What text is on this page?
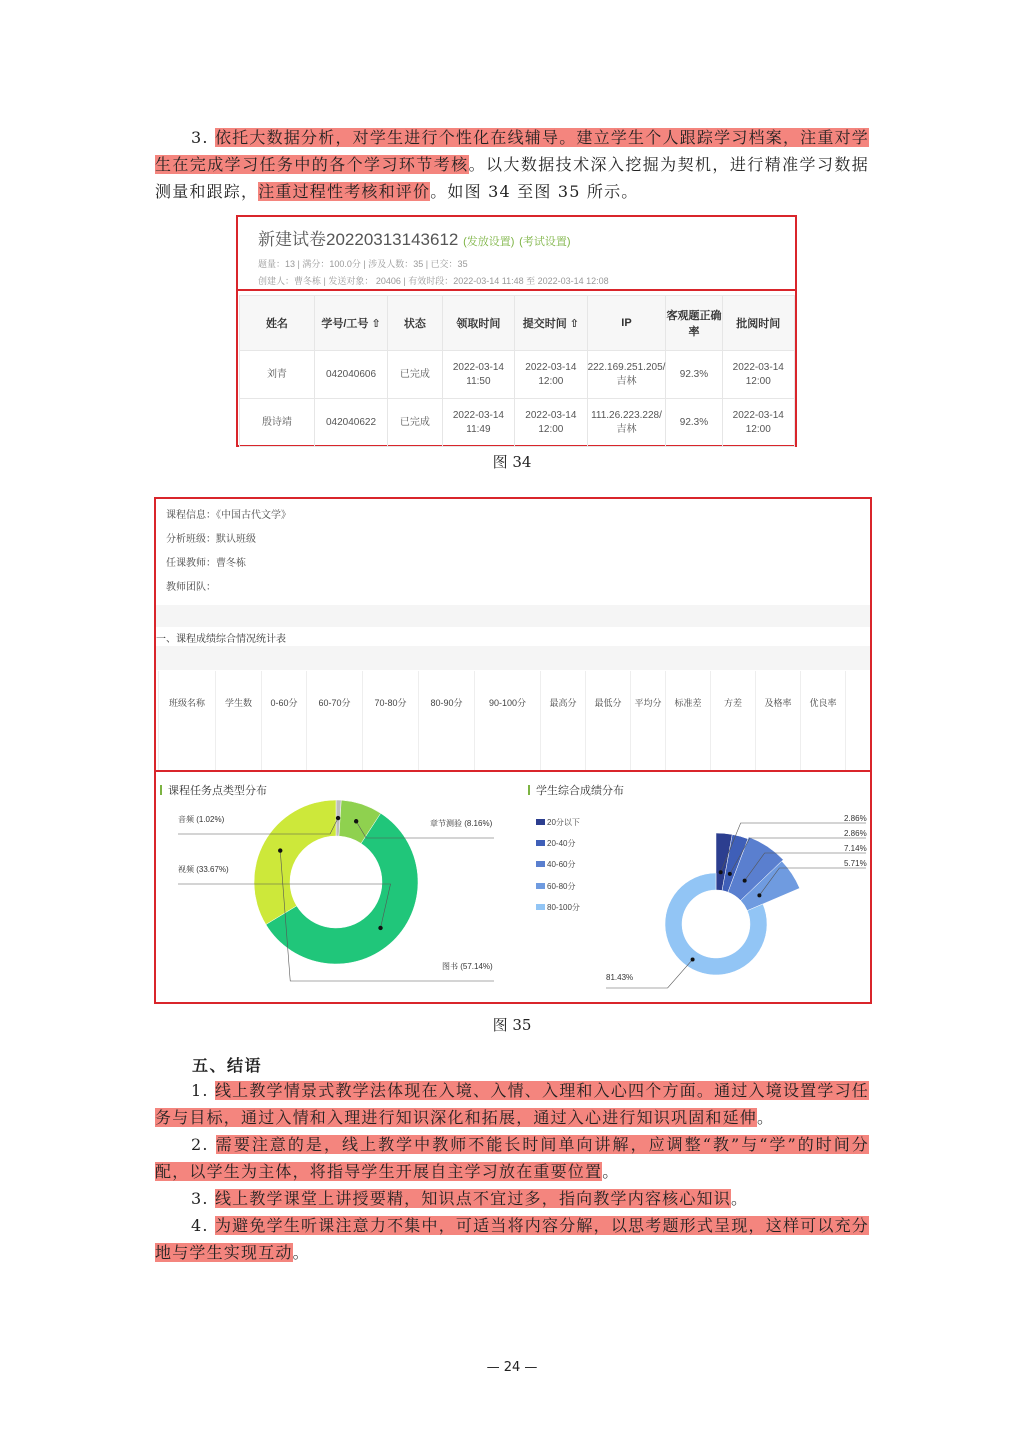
3. 依托大数据分析，对学生进行个性化在线辅导。建立学生个人跟踪学习档案，注重对学生在完成学习任务中的各个学习环节考核。以大数据技术深入挖掘为契机，进行精准学习数据测量和跟踪，注重过程性考核和评价。如图 34 至图 35 所示。
新建试卷20220313143612 (发放设置) (考试设置)
题量：13 | 满分：100.0分 | 涉及人数：35 | 已交：35
创建人：曹冬栋 | 发送对象： 20406 | 有效时段：2022-03-14 11:48 至 2022-03-14 12:08
姓名	学号/工号 ⇧	状态	领取时间	提交时间 ⇧	IP	客观题正确率	批阅时间
刘青	042040606	已完成	2022-03-14 11:50	2022-03-14 12:00	222.169.251.205/吉林	92.3%	2022-03-14 12:00
殷诗靖	042040622	已完成	2022-03-14 11:49	2022-03-14 12:00	111.26.223.228/吉林	92.3%	2022-03-14 12:00
图 34
课程信息：《中国古代文学》
分析班级：默认班级
任课教师：曹冬栋
教师团队：
一、课程成绩综合情况统计表
班级名称	学生数	0-60分	60-70分	70-80分	80-90分	90-100分	最高分	最低分	平均分	标准差	方差	及格率	优良率

课程任务点类型分布	学生综合成绩分布
音频 (1.02%)	章节测验 (8.16%)
视频 (33.67%)
图书 (57.14%)
20分以下
20-40分
40-60分
60-80分
80-100分
2.86%
2.86%
7.14%
5.71%
81.43%
图 35
五、结语
1. 线上教学情景式教学法体现在入境、入情、入理和入心四个方面。通过入境设置学习任务与目标，通过入情和入理进行知识深化和拓展，通过入心进行知识巩固和延伸。
2. 需要注意的是，线上教学中教师不能长时间单向讲解，应调整“教”与“学”的时间分配，以学生为主体，将指导学生开展自主学习放在重要位置。
3. 线上教学课堂上讲授要精，知识点不宜过多，指向教学内容核心知识。
4. 为避免学生听课注意力不集中，可适当将内容分解，以思考题形式呈现，这样可以充分地与学生实现互动。
— 24 —
